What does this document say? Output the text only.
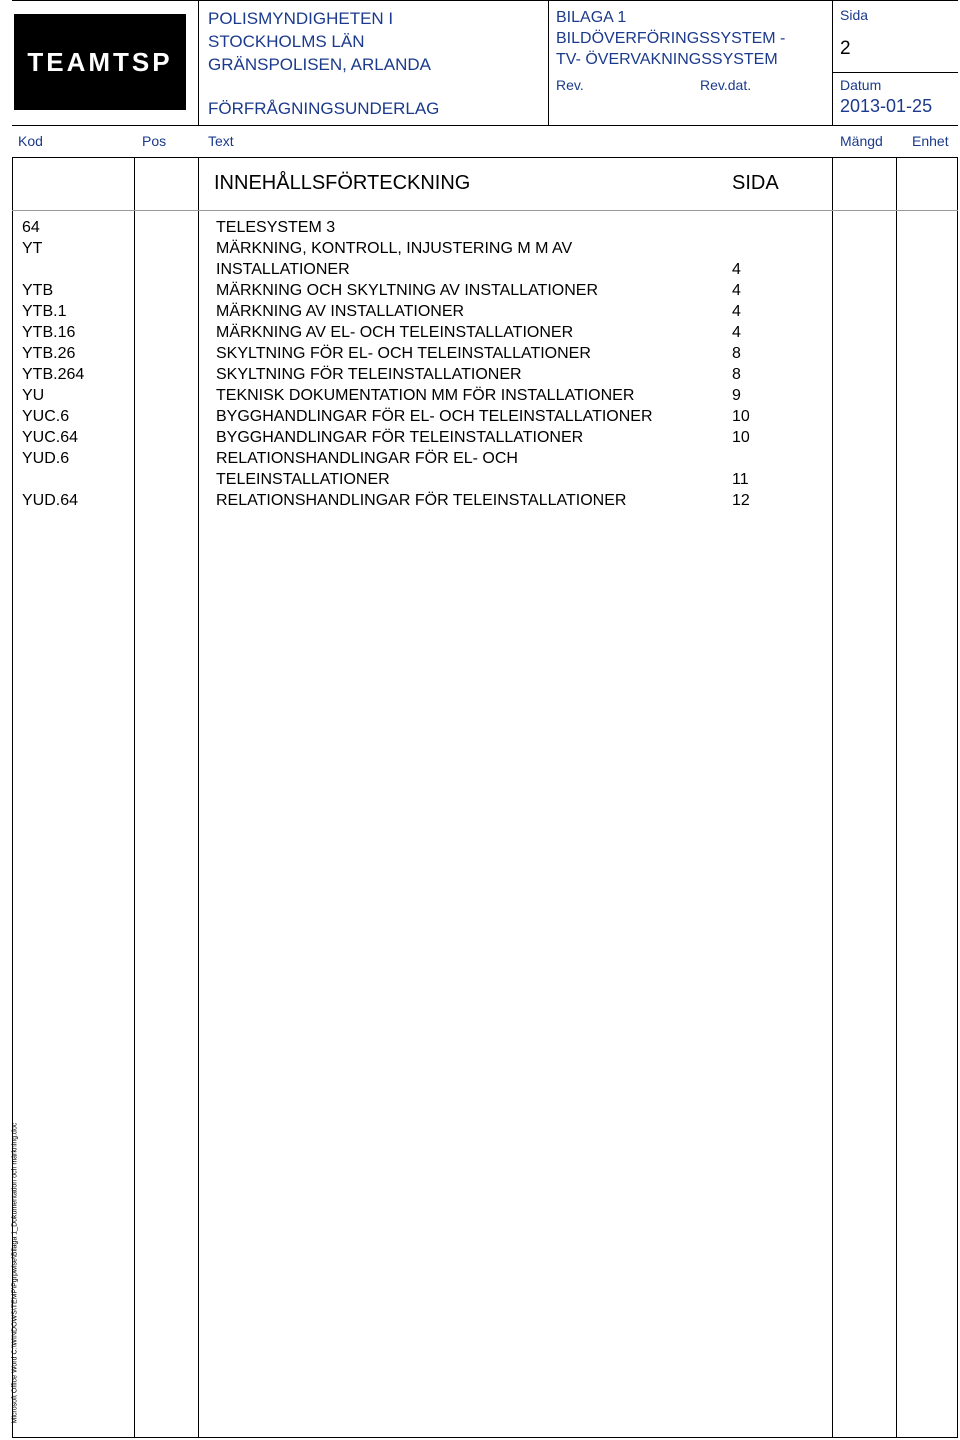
TEAMTSP
POLISMYNDIGHETEN I
STOCKHOLMS LÄN
GRÄNSPOLISEN, ARLANDA
FÖRFRÅGNINGSUNDERLAG
BILAGA 1
BILDÖVERFÖRINGSSYSTEM -
TV- ÖVERVAKNINGSSYSTEM
Rev.	Rev.dat.
Sida
2
Datum
2013-01-25
Kod	Pos	Text	Mängd Enhet
INNEHÅLLSFÖRTECKNING	SIDA
64	TELESYSTEM 3
YT	MÄRKNING, KONTROLL, INJUSTERING M M AV
INSTALLATIONER	4
YTB	MÄRKNING OCH SKYLTNING AV INSTALLATIONER	4
YTB.1	MÄRKNING AV INSTALLATIONER	4
YTB.16	MÄRKNING AV EL- OCH TELEINSTALLATIONER	4
YTB.26	SKYLTNING FÖR EL- OCH TELEINSTALLATIONER	8
YTB.264	SKYLTNING FÖR TELEINSTALLATIONER	8
YU	TEKNISK DOKUMENTATION MM FÖR INSTALLATIONER	9
YUC.6	BYGGHANDLINGAR FÖR EL- OCH TELEINSTALLATIONER	10
YUC.64	BYGGHANDLINGAR FÖR TELEINSTALLATIONER	10
YUD.6	RELATIONSHANDLINGAR FÖR EL- OCH
TELEINSTALLATIONER	11
YUD.64	RELATIONSHANDLINGAR FÖR TELEINSTALLATIONER	12
Microsoft Office Word C:\WINDOWS\TEMP\Pgrpwise\Bilaga 1_Dokumentation och märkning.doc
